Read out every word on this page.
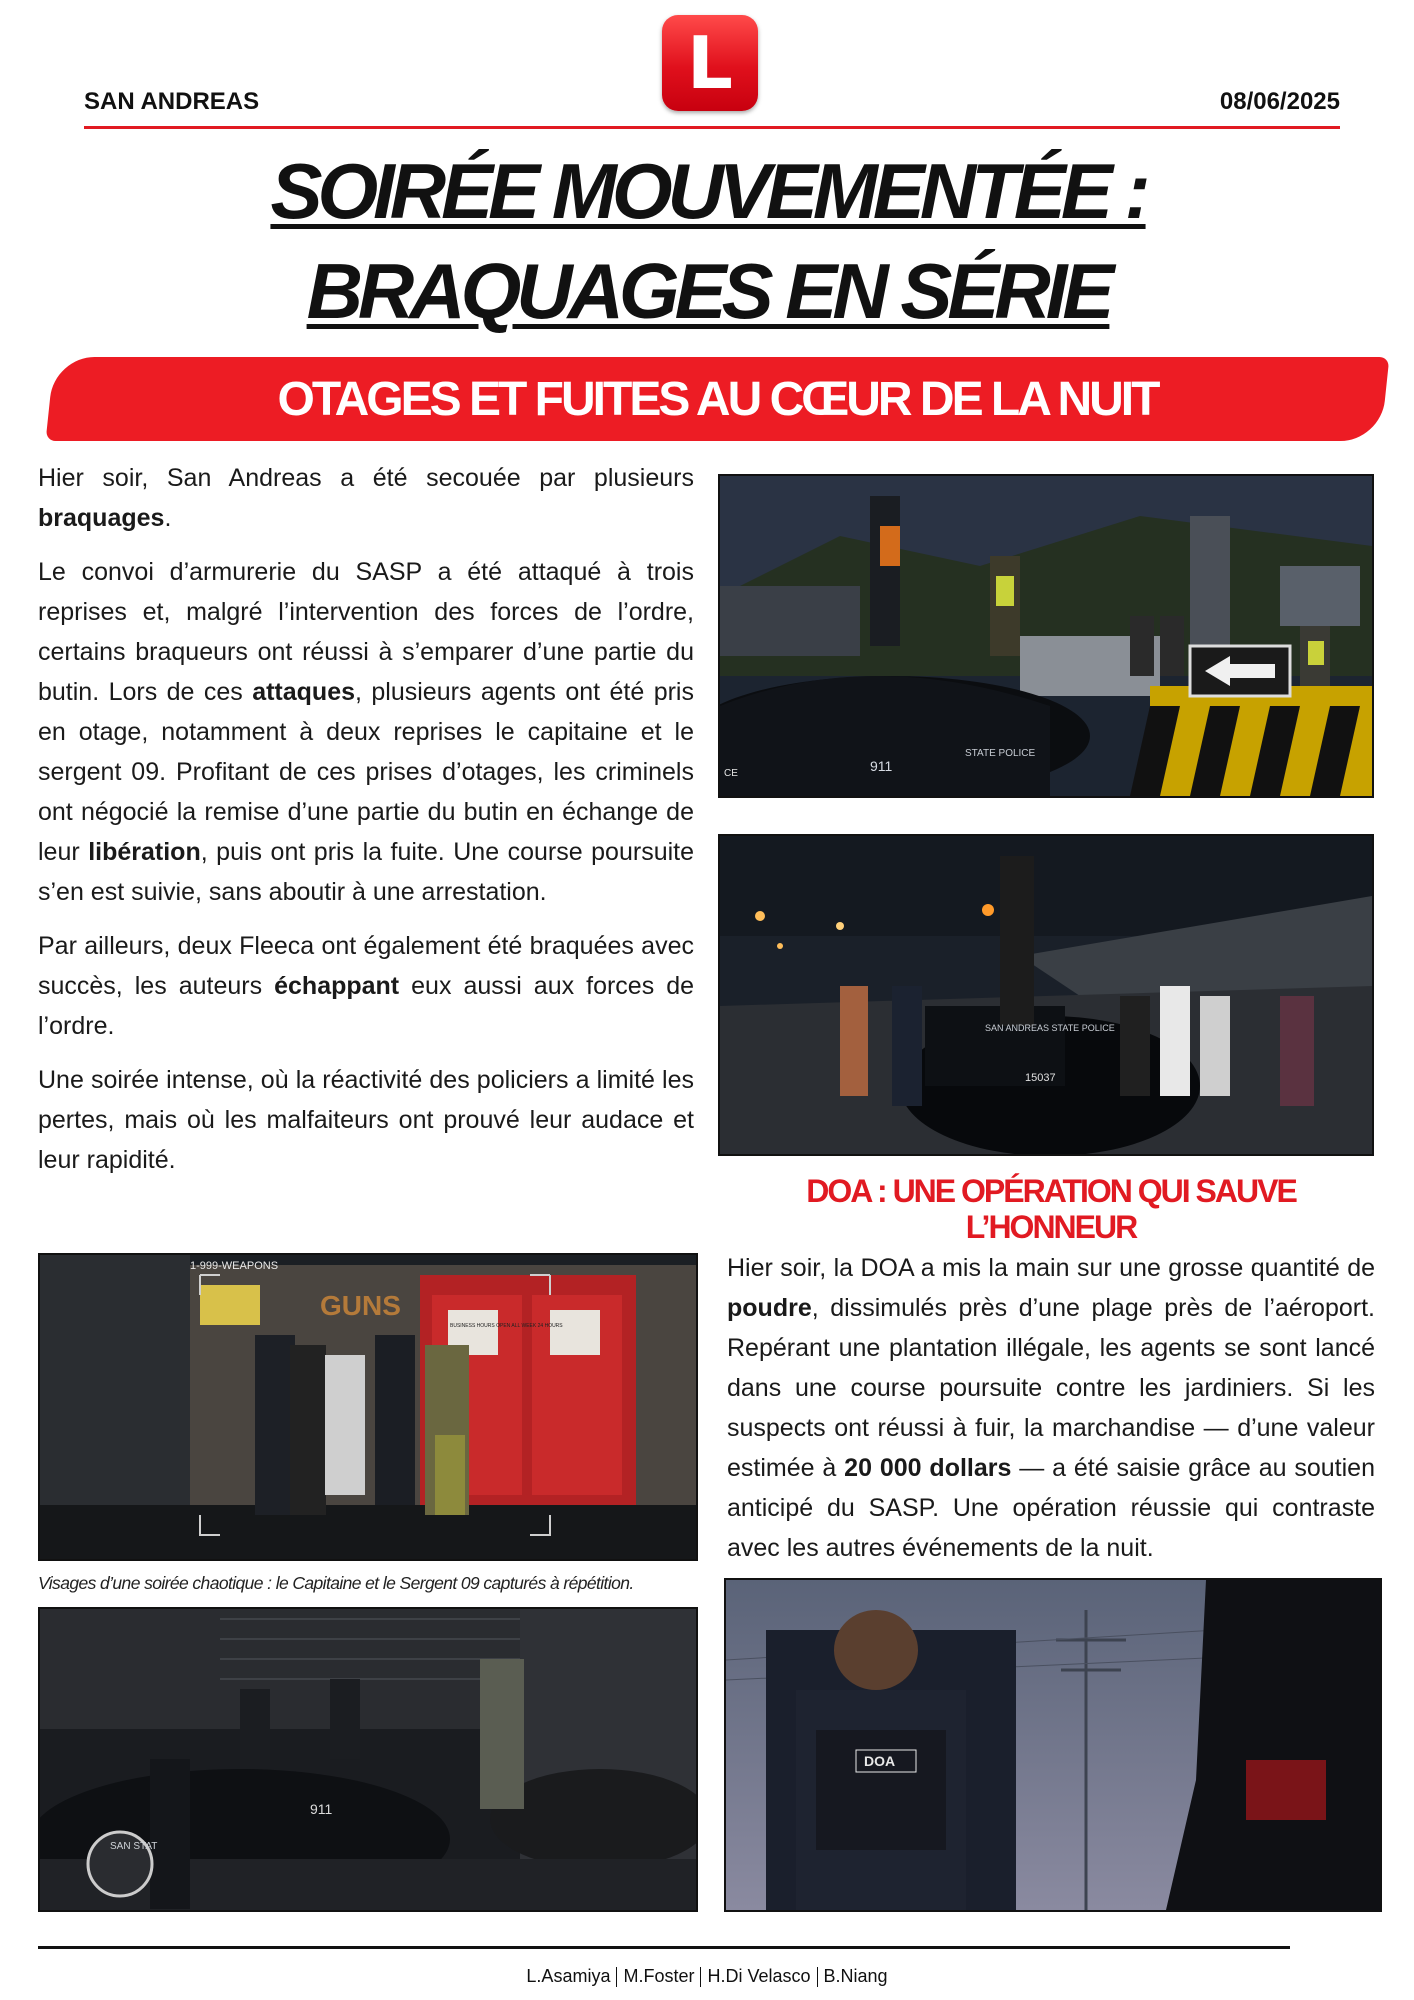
L
SAN ANDREAS	08/06/2025
SOIRÉE MOUVEMENTÉE :
BRAQUAGES EN SÉRIE
OTAGES ET FUITES AU CŒUR DE LA NUIT
Hier soir, San Andreas a été secouée par plusieurs braquages.
Le convoi d’armurerie du SASP a été attaqué à trois reprises et, malgré l’intervention des forces de l’ordre, certains braqueurs ont réussi à s’emparer d’une partie du butin. Lors de ces attaques, plusieurs agents ont été pris en otage, notamment à deux reprises le capitaine et le sergent 09. Profitant de ces prises d’otages, les criminels ont négocié la remise d’une partie du butin en échange de leur libération, puis ont pris la fuite. Une course poursuite s’en est suivie, sans aboutir à une arrestation.
Par ailleurs, deux Fleeca ont également été braquées avec succès, les auteurs échappant eux aussi aux forces de l’ordre.
Une soirée intense, où la réactivité des policiers a limité les pertes, mais où les malfaiteurs ont prouvé leur audace et leur rapidité.
DOA : UNE OPÉRATION QUI SAUVE
L’HONNEUR
Hier soir, la DOA a mis la main sur une grosse quantité de poudre, dissimulés près d’une plage près de l’aéroport. Repérant une plantation illégale, les agents se sont lancé dans une course poursuite contre les jardiniers. Si les suspects ont réussi à fuir, la marchandise — d’une valeur estimée à 20 000 dollars — a été saisie grâce au soutien anticipé du SASP. Une opération réussie qui contraste avec les autres événements de la nuit.
Visages d’une soirée chaotique : le Capitaine et le Sergent 09 capturés à répétition.
911
STATE POLICE
CE
SAN ANDREAS STATE POLICE
15037
BUSINESS HOURS OPEN ALL WEEK 24 HOURS
1-999-WEAPONS
GUNS
911
SAN STAT
DOA
L.Asamiya M.Foster H.Di Velasco B.Niang
